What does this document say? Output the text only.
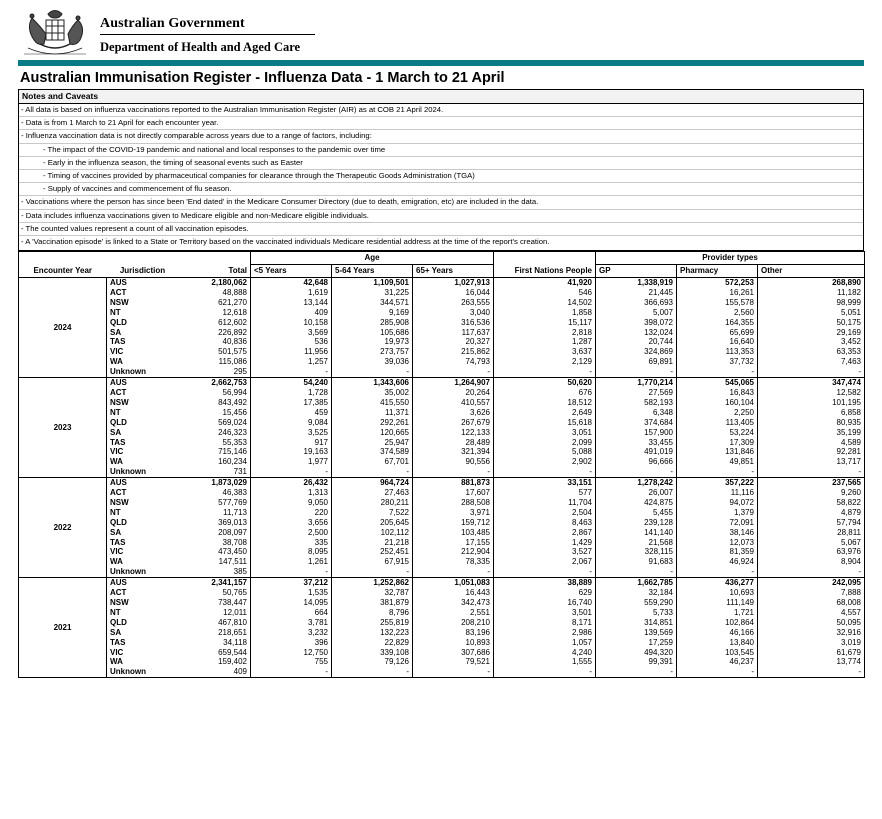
Australian Government
Department of Health and Aged Care
Australian Immunisation Register - Influenza Data - 1 March to 21 April
Notes and Caveats
- All data is based on influenza vaccinations reported to the Australian Immunisation Register (AIR) as at COB 21 April 2024.
- Data is from 1 March to 21 April for each encounter year.
- Influenza vaccination data is not directly comparable across years due to a range of factors, including:
- The impact of the COVID-19 pandemic and national and local responses to the pandemic over time
- Early in the influenza season, the timing of seasonal events such as Easter
- Timing of vaccines provided by pharmaceutical companies for clearance through the Therapeutic Goods Administration (TGA)
- Supply of vaccines and commencement of flu season.
- Vaccinations where the person has since been 'End dated' in the Medicare Consumer Directory (due to death, emigration, etc) are included in the data.
- Data includes influenza vaccinations given to Medicare eligible and non-Medicare eligible individuals.
- The counted values represent a count of all vaccination episodes.
- A 'Vaccination episode' is linked to a State or Territory based on the vaccinated individuals Medicare residential address at the time of the report's creation.
			Age				Provider types		
Encounter Year	Jurisdiction	Total	<5 Years	5-64 Years	65+ Years	First Nations People	GP	Pharmacy	Other
2024	AUS	2,180,062	42,648	1,109,501	1,027,913	41,920	1,338,919	572,253	268,890
	ACT	48,888	1,619	31,225	16,044	546	21,445	16,261	11,182
	NSW	621,270	13,144	344,571	263,555	14,502	366,693	155,578	98,999
	NT	12,618	409	9,169	3,040	1,858	5,007	2,560	5,051
	QLD	612,602	10,158	285,908	316,536	15,117	398,072	164,355	50,175
	SA	226,892	3,569	105,686	117,637	2,818	132,024	65,699	29,169
	TAS	40,836	536	19,973	20,327	1,287	20,744	16,640	3,452
	VIC	501,575	11,956	273,757	215,862	3,637	324,869	113,353	63,353
	WA	115,086	1,257	39,036	74,793	2,129	69,891	37,732	7,463
	Unknown	295	-	-	-	-	-	-	-
2023	AUS	2,662,753	54,240	1,343,606	1,264,907	50,620	1,770,214	545,065	347,474
	ACT	56,994	1,728	35,002	20,264	676	27,569	16,843	12,582
	NSW	843,492	17,385	415,550	410,557	18,512	582,193	160,104	101,195
	NT	15,456	459	11,371	3,626	2,649	6,348	2,250	6,858
	QLD	569,024	9,084	292,261	267,679	15,618	374,684	113,405	80,935
	SA	246,323	3,525	120,665	122,133	3,051	157,900	53,224	35,199
	TAS	55,353	917	25,947	28,489	2,099	33,455	17,309	4,589
	VIC	715,146	19,163	374,589	321,394	5,088	491,019	131,846	92,281
	WA	160,234	1,977	67,701	90,556	2,902	96,666	49,851	13,717
	Unknown	731	-	-	-	-	-	-	-
2022	AUS	1,873,029	26,432	964,724	881,873	33,151	1,278,242	357,222	237,565
	ACT	46,383	1,313	27,463	17,607	577	26,007	11,116	9,260
	NSW	577,769	9,050	280,211	288,508	11,704	424,875	94,072	58,822
	NT	11,713	220	7,522	3,971	2,504	5,455	1,379	4,879
	QLD	369,013	3,656	205,645	159,712	8,463	239,128	72,091	57,794
	SA	208,097	2,500	102,112	103,485	2,867	141,140	38,146	28,811
	TAS	38,708	335	21,218	17,155	1,429	21,568	12,073	5,067
	VIC	473,450	8,095	252,451	212,904	3,527	328,115	81,359	63,976
	WA	147,511	1,261	67,915	78,335	2,067	91,683	46,924	8,904
	Unknown	385	-	-	-	-	-	-	-
2021	AUS	2,341,157	37,212	1,252,862	1,051,083	38,889	1,662,785	436,277	242,095
	ACT	50,765	1,535	32,787	16,443	629	32,184	10,693	7,888
	NSW	738,447	14,095	381,879	342,473	16,740	559,290	111,149	68,008
	NT	12,011	664	8,796	2,551	3,501	5,733	1,721	4,557
	QLD	467,810	3,781	255,819	208,210	8,171	314,851	102,864	50,095
	SA	218,651	3,232	132,223	83,196	2,986	139,569	46,166	32,916
	TAS	34,118	396	22,829	10,893	1,057	17,259	13,840	3,019
	VIC	659,544	12,750	339,108	307,686	4,240	494,320	103,545	61,679
	WA	159,402	755	79,126	79,521	1,555	99,391	46,237	13,774
	Unknown	409	-	-	-	-	-	-	-
